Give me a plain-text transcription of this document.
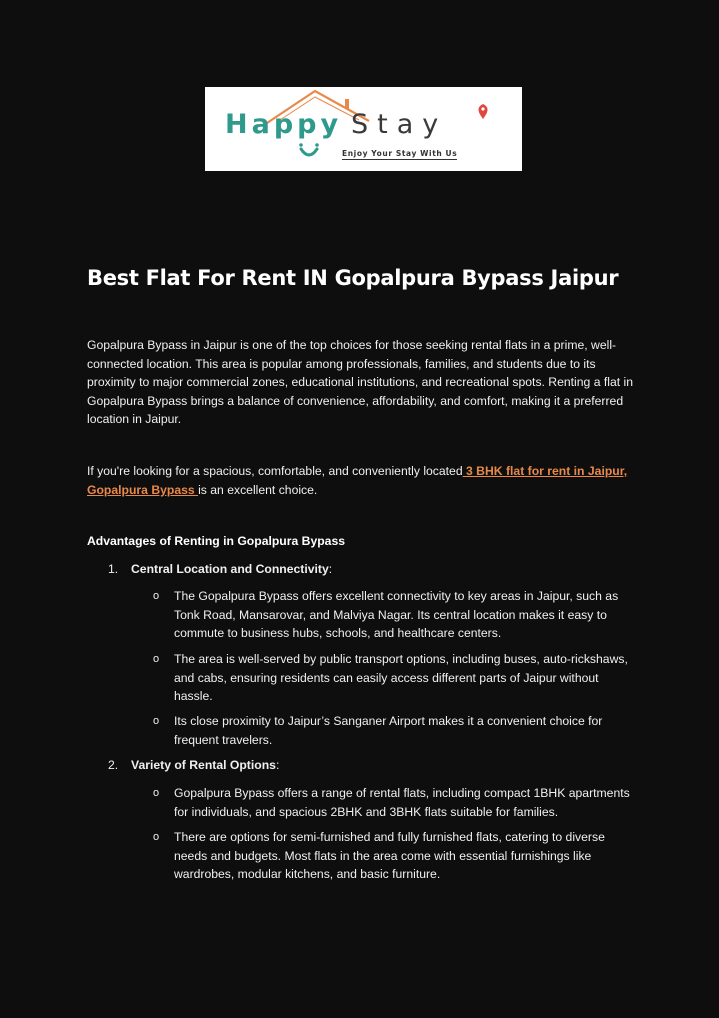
Happy Stay
Enjoy Your Stay With Us
Best Flat For Rent IN Gopalpura Bypass Jaipur

Gopalpura Bypass in Jaipur is one of the top choices for those seeking rental flats in a prime, well-connected location. This area is popular among professionals, families, and students due to its proximity to major commercial zones, educational institutions, and recreational spots. Renting a flat in Gopalpura Bypass brings a balance of convenience, affordability, and comfort, making it a preferred location in Jaipur.

If you're looking for a spacious, comfortable, and conveniently located 3 BHK flat for rent in Jaipur, Gopalpura Bypass is an excellent choice.

Advantages of Renting in Gopalpura Bypass
1. Central Location and Connectivity:
o The Gopalpura Bypass offers excellent connectivity to key areas in Jaipur, such as Tonk Road, Mansarovar, and Malviya Nagar. Its central location makes it easy to commute to business hubs, schools, and healthcare centers.
o The area is well-served by public transport options, including buses, auto-rickshaws, and cabs, ensuring residents can easily access different parts of Jaipur without hassle.
o Its close proximity to Jaipur’s Sanganer Airport makes it a convenient choice for frequent travelers.
2. Variety of Rental Options:
o Gopalpura Bypass offers a range of rental flats, including compact 1BHK apartments for individuals, and spacious 2BHK and 3BHK flats suitable for families.
o There are options for semi-furnished and fully furnished flats, catering to diverse needs and budgets. Most flats in the area come with essential furnishings like wardrobes, modular kitchens, and basic furniture.
